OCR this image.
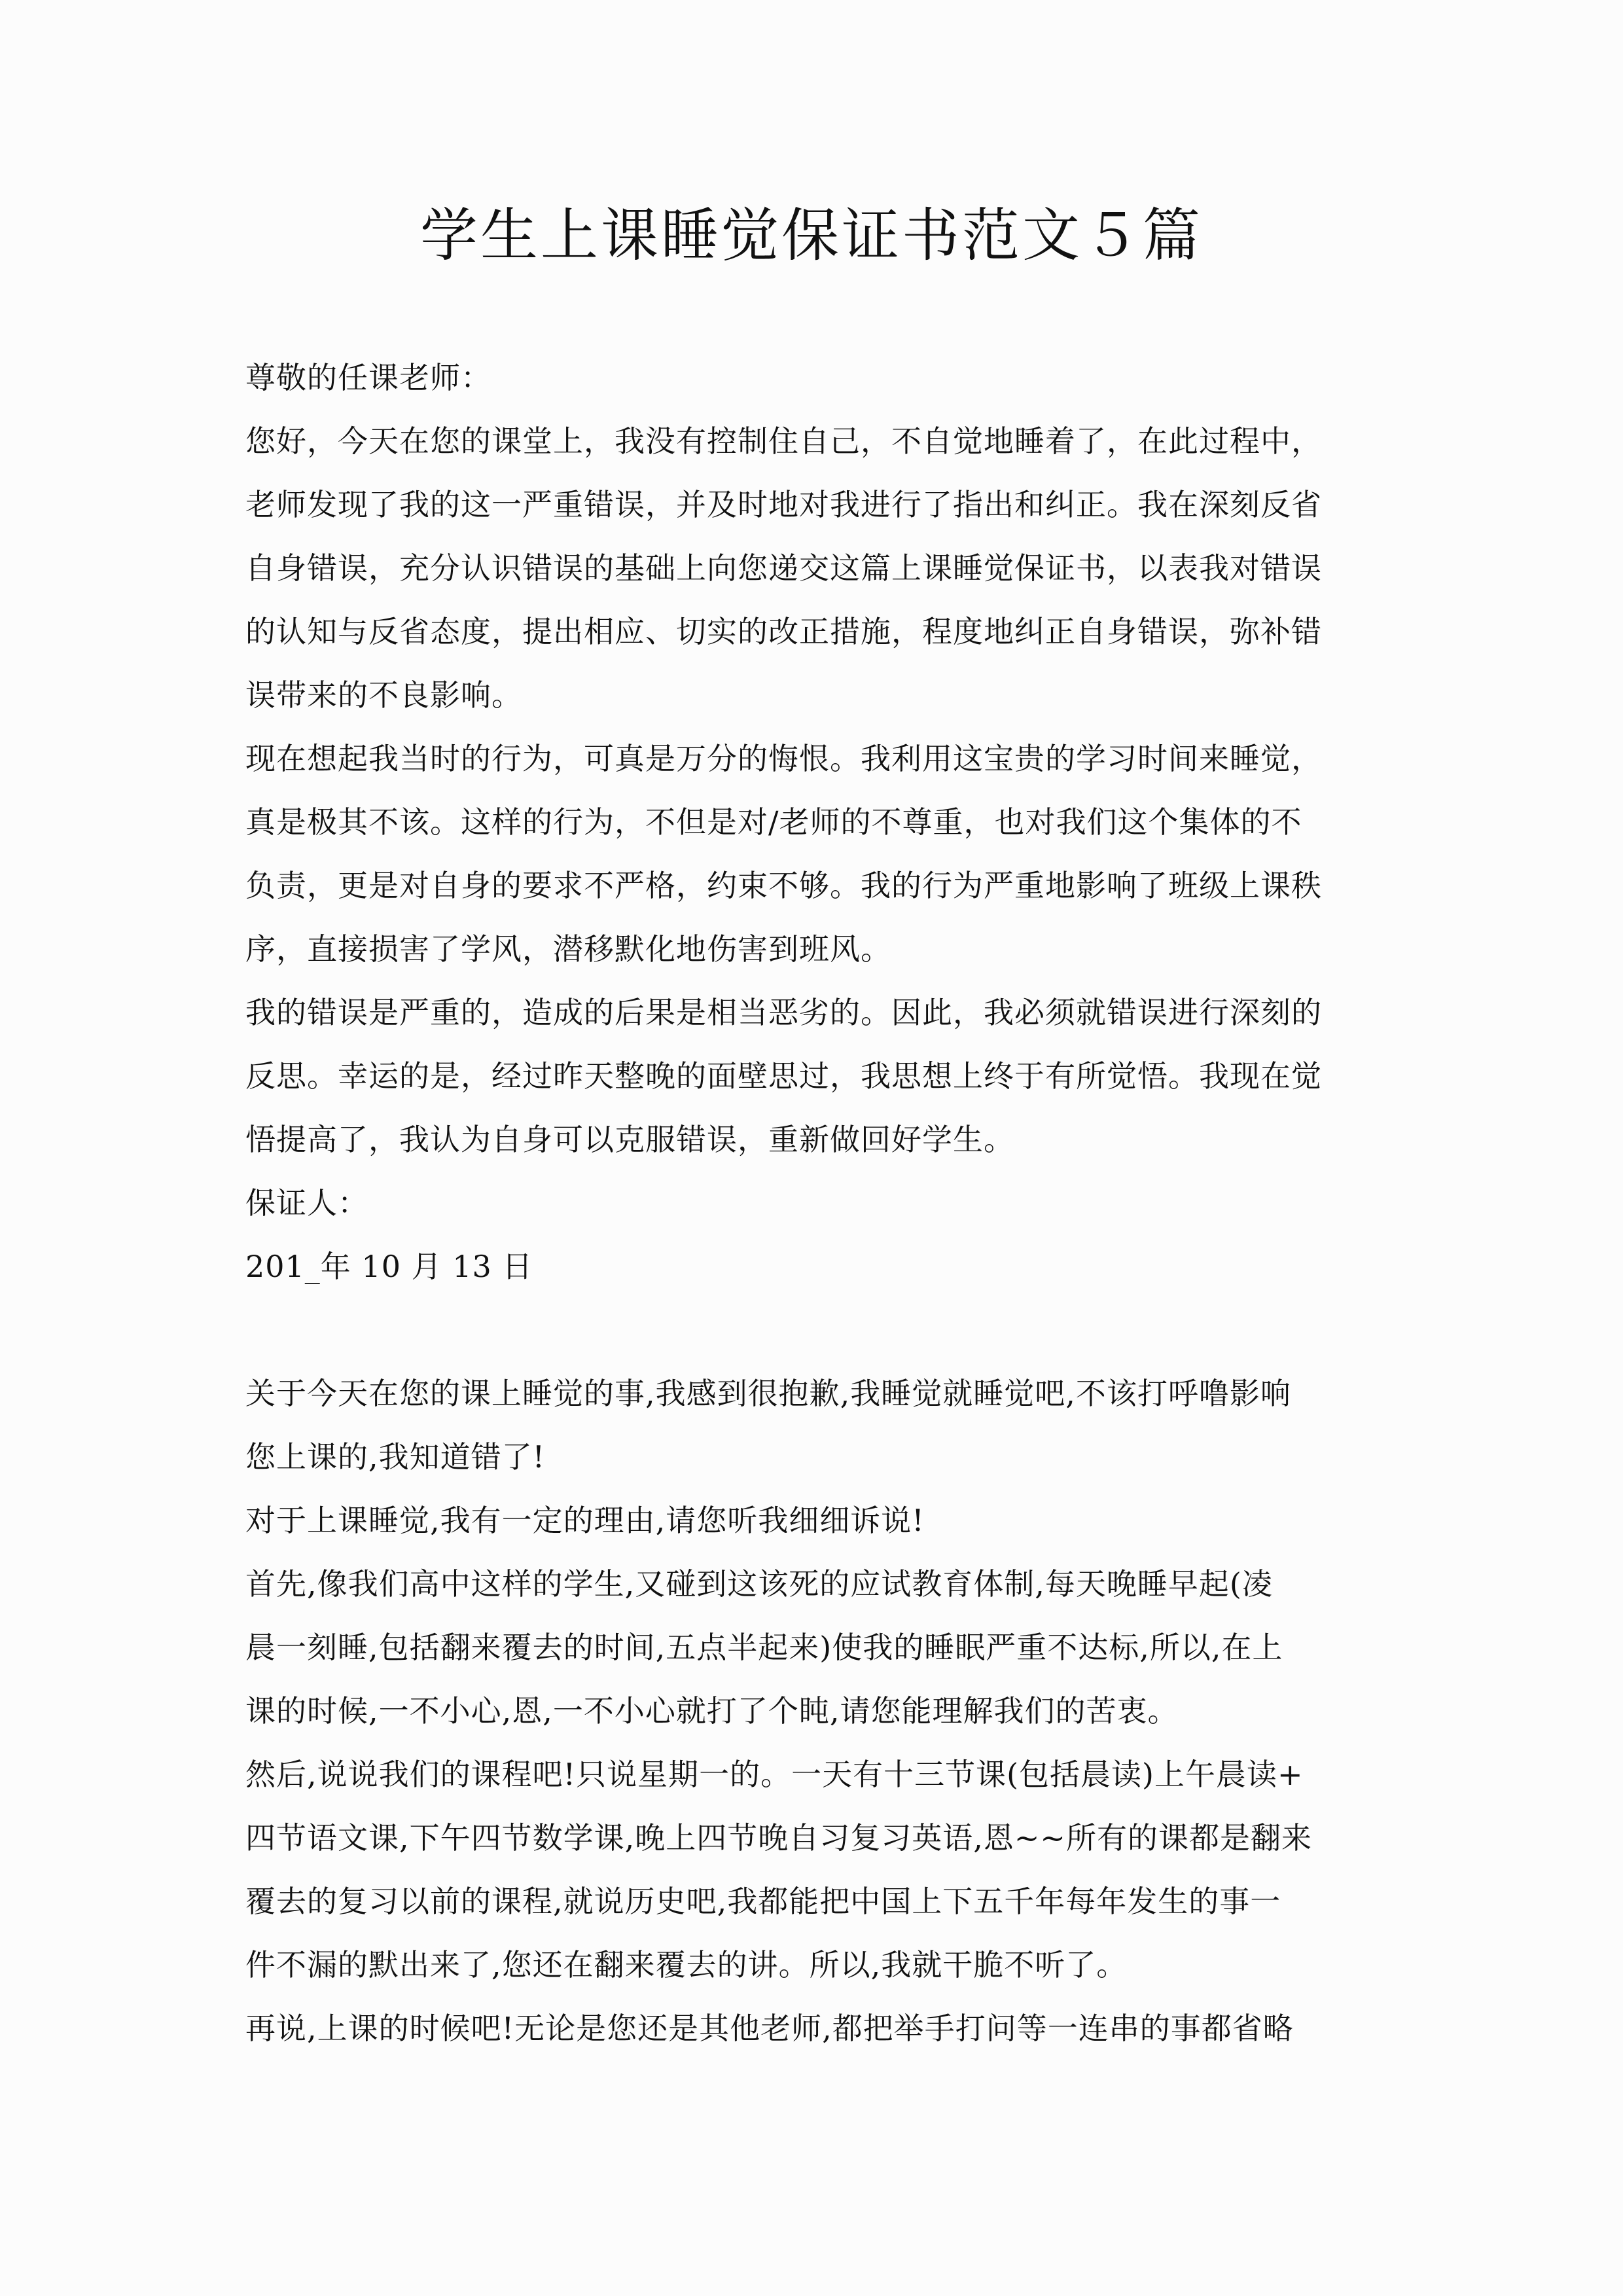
学生上课睡觉保证书范文５篇
尊敬的任课老师：
您好，今天在您的课堂上，我没有控制住自己，不自觉地睡着了，在此过程中，
老师发现了我的这一严重错误，并及时地对我进行了指出和纠正。我在深刻反省
自身错误，充分认识错误的基础上向您递交这篇上课睡觉保证书，以表我对错误
的认知与反省态度，提出相应、切实的改正措施，程度地纠正自身错误，弥补错
误带来的不良影响。
现在想起我当时的行为，可真是万分的悔恨。我利用这宝贵的学习时间来睡觉，
真是极其不该。这样的行为，不但是对/老师的不尊重，也对我们这个集体的不
负责，更是对自身的要求不严格，约束不够。我的行为严重地影响了班级上课秩
序，直接损害了学风，潜移默化地伤害到班风。
我的错误是严重的，造成的后果是相当恶劣的。因此，我必须就错误进行深刻的
反思。幸运的是，经过昨天整晚的面壁思过，我思想上终于有所觉悟。我现在觉
悟提高了，我认为自身可以克服错误，重新做回好学生。
保证人：
201_年 10 月 13 日
关于今天在您的课上睡觉的事,我感到很抱歉,我睡觉就睡觉吧,不该打呼噜影响
您上课的,我知道错了!
对于上课睡觉,我有一定的理由,请您听我细细诉说!
首先,像我们高中这样的学生,又碰到这该死的应试教育体制,每天晚睡早起(凌
晨一刻睡,包括翻来覆去的时间,五点半起来)使我的睡眠严重不达标,所以,在上
课的时候,一不小心,恩,一不小心就打了个盹,请您能理解我们的苦衷。
然后,说说我们的课程吧!只说星期一的。一天有十三节课(包括晨读)上午晨读+
四节语文课,下午四节数学课,晚上四节晚自习复习英语,恩~~所有的课都是翻来
覆去的复习以前的课程,就说历史吧,我都能把中国上下五千年每年发生的事一
件不漏的默出来了,您还在翻来覆去的讲。所以,我就干脆不听了。
再说,上课的时候吧!无论是您还是其他老师,都把举手打问等一连串的事都省略
